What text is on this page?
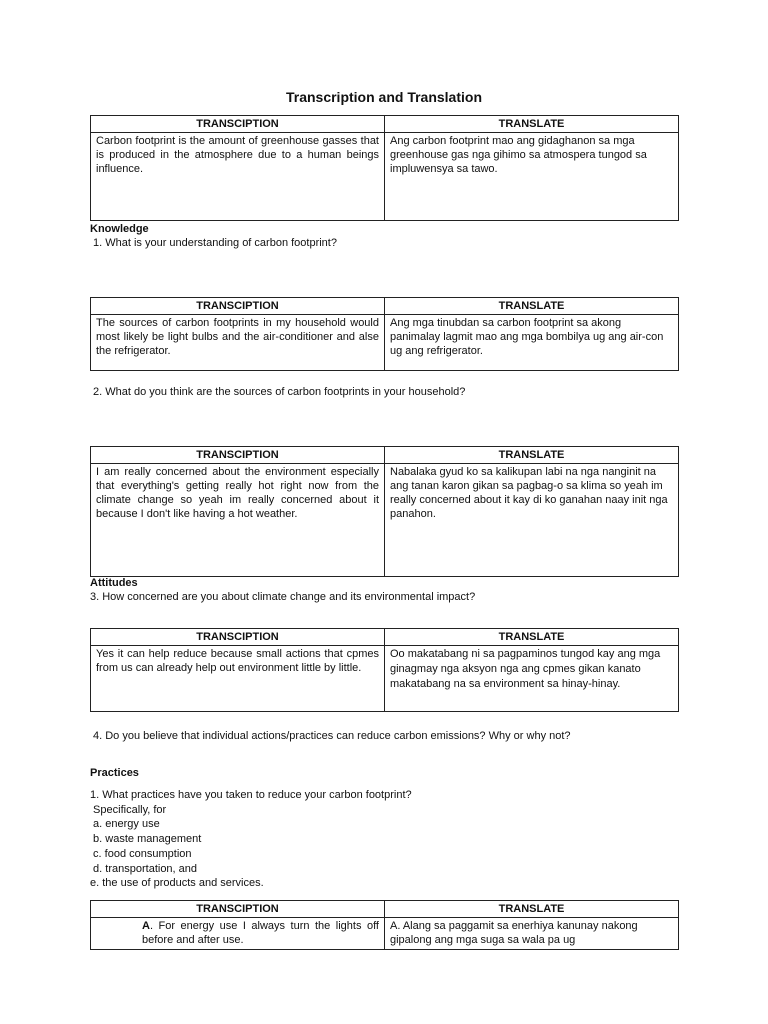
Transcription and Translation
TRANSCIPTION	TRANSLATE
Carbon footprint is the amount of greenhouse gasses that is produced in the atmosphere due to a human beings influence.	Ang carbon footprint mao ang gidaghanon sa mga greenhouse gas nga gihimo sa atmospera tungod sa impluwensya sa tawo.
Knowledge
1. What is your understanding of carbon footprint?
TRANSCIPTION	TRANSLATE
The sources of carbon footprints in my household would most likely be light bulbs and the air-conditioner and alse the refrigerator.	Ang mga tinubdan sa carbon footprint sa akong panimalay lagmit mao ang mga bombilya ug ang air-con ug ang refrigerator.
2. What do you think are the sources of carbon footprints in your household?
TRANSCIPTION	TRANSLATE
I am really concerned about the environment especially that everything's getting really hot right now from the climate change so yeah im really concerned about it because I don't like having a hot weather.	Nabalaka gyud ko sa kalikupan labi na nga nanginit na ang tanan karon gikan sa pagbag-o sa klima so yeah im really concerned about it kay di ko ganahan naay init nga panahon.
Attitudes
3. How concerned are you about climate change and its environmental impact?
TRANSCIPTION	TRANSLATE
Yes it can help reduce because small actions that cpmes from us can already help out environment little by little.	Oo makatabang ni sa pagpaminos tungod kay ang mga ginagmay nga aksyon nga ang cpmes gikan kanato makatabang na sa environment sa hinay-hinay.
4. Do you believe that individual actions/practices can reduce carbon emissions? Why or why not?
Practices
1. What practices have you taken to reduce your carbon footprint?
Specifically, for
a. energy use
b. waste management
c. food consumption
d. transportation, and
e. the use of products and services.
TRANSCIPTION	TRANSLATE

A. For energy use I always turn the lights off before and after use.	A. Alang sa paggamit sa enerhiya kanunay nakong gipalong ang mga suga sa wala pa ug
